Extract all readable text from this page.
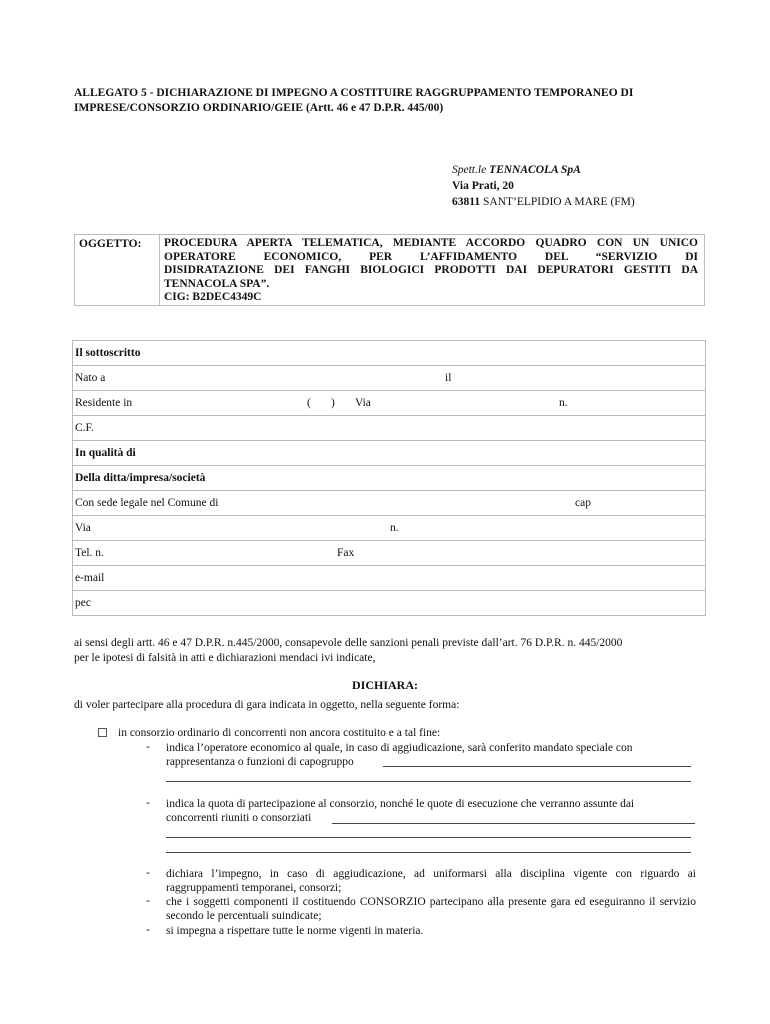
ALLEGATO 5 - DICHIARAZIONE DI IMPEGNO A COSTITUIRE RAGGRUPPAMENTO TEMPORANEO DI IMPRESE/CONSORZIO ORDINARIO/GEIE (Artt. 46 e 47 D.P.R. 445/00)
Spett.le TENNACOLA SpA
Via Prati, 20
63811 SANT’ELPIDIO A MARE (FM)
OGGETTO:	PROCEDURA APERTA TELEMATICA, MEDIANTE ACCORDO QUADRO CON UN UNICO
OPERATORE ECONOMICO, PER L’AFFIDAMENTO DEL “SERVIZIO DI
DISIDRATAZIONE DEI FANGHI BIOLOGICI PRODOTTI DAI DEPURATORI GESTITI DA
TENNACOLA SPA”.
CIG: B2DEC4349C
Il sottoscritto
Nato a	il

Residente in	(       ) Via	n.

C.F.
In qualità di
Della ditta/impresa/società
Con sede legale nel Comune di	cap

Via	n.

Tel. n.	Fax

e-mail
pec
ai sensi degli artt. 46 e 47 D.P.R. n.445/2000, consapevole delle sanzioni penali previste dall’art. 76 D.P.R. n. 445/2000
per le ipotesi di falsità in atti e dichiarazioni mendaci ivi indicate,
DICHIARA:
di voler partecipare alla procedura di gara indicata in oggetto, nella seguente forma:
in consorzio ordinario di concorrenti non ancora costituito e a tal fine:
- indica l’operatore economico al quale, in caso di aggiudicazione, sarà conferito mandato speciale con
rappresentanza o funzioni di capogruppo
- indica la quota di partecipazione al consorzio, nonché le quote di esecuzione che verranno assunte dai
concorrenti riuniti o consorziati
- dichiara l’impegno, in caso di aggiudicazione, ad uniformarsi alla disciplina vigente con riguardo ai raggruppamenti temporanei, consorzi;
- che i soggetti componenti il costituendo CONSORZIO partecipano alla presente gara ed eseguiranno il servizio secondo le percentuali suindicate;
- si impegna a rispettare tutte le norme vigenti in materia.
